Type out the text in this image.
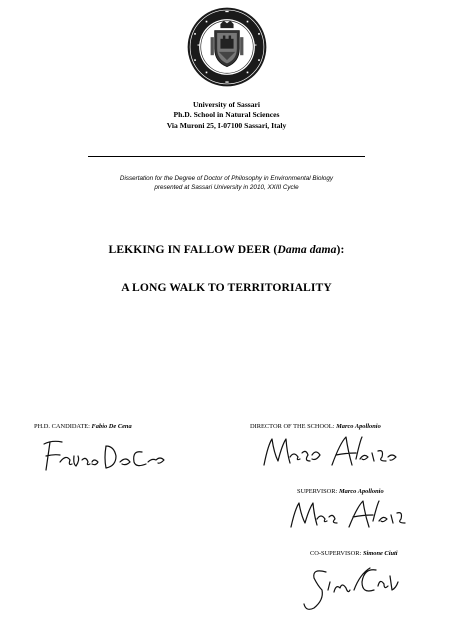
University of Sassari
Ph.D. School in Natural Sciences
Via Muroni 25, I-07100 Sassari, Italy
Dissertation for the Degree of Doctor of Philosophy in Environmental Biology
presented at Sassari University in 2010, XXIII Cycle
LEKKING IN FALLOW DEER (Dama dama):
A LONG WALK TO TERRITORIALITY
PH.D. CANDIDATE: Fabio De Cena	DIRECTOR OF THE SCHOOL: Marco Apollonio
SUPERVISOR: Marco Apollonio
CO-SUPERVISOR: Simone Ciuti
